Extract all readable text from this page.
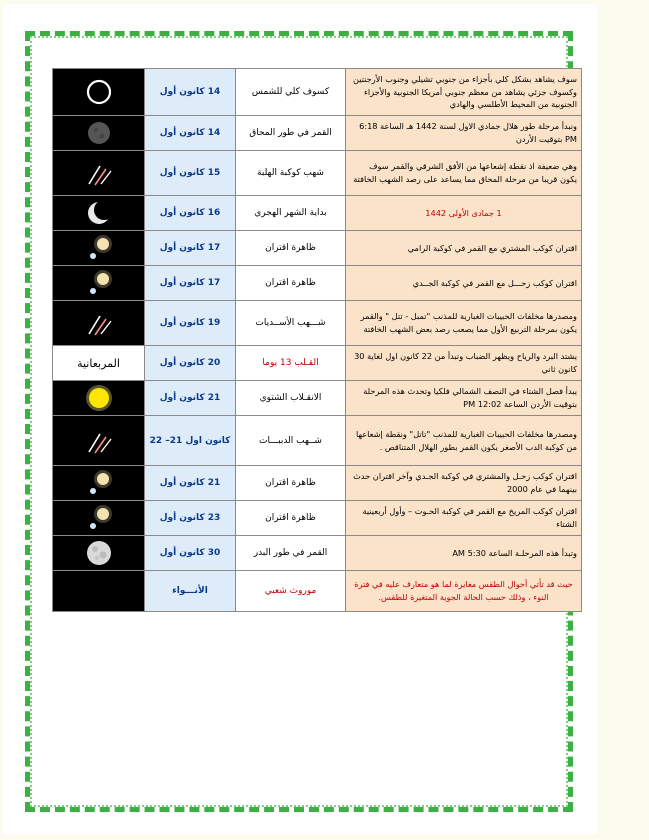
	14 كانون أول	كسوف كلي للشمس	سوف يشاهد بشكل كلي بأجزاء من جنوبي تشيلي وجنوب الأرجنتين وكسوف جزئي يشاهد من معظم جنوبي أمريكا الجنوبية والأجزاء الجنوبية من المحيط الأطلسي والهادي

	14 كانون أول	القمر في طور المحاق	ونبدأ مرحلة طور هلال جمادي الاول لسنة 1442 هـ الساعة 6:18 PM بتوقيت الأردن

	15 كانون أول	شهب كوكبة الهلبة	وهي ضعيفة اذ نقطة إشعاعها من الأفق الشرقي والقمر سوف يكون قريبا من مرحلة المحاق مما يساعد على رصد الشهب الخافتة

	16 كانون أول	بداية الشهر الهجري	1 جمادى الأولى 1442

	17 كانون أول	ظاهرة اقتران	اقتران كوكب المشتري مع القمر في كوكبة الرامي

	17 كانون أول	ظاهرة اقتران	اقتران كوكب زحـــل مع القمر في كوكبة الجــدي

	19 كانون أول	شـــهب الأســديات	ومصدرها مخلفات الحبيبات الغبارية للمذنب "تمبل - تتل " والقمر يكون بمرحلة التربيع الأول مما يصعب رصد بعض الشهب الخافتة
المربعانية	20 كانون أول	القـلب 13 يوما	يشتد البرد والرياح ويظهر الضباب وتبدأ من 22 كانون اول لغاية 30 كانون ثاني

	21 كانون أول	الانقـلاب الشتوي	يبدأ فصل الشتاء في النصف الشمالي فلكيا وتحدث هذه المرحلة بتوقيت الأردن الساعة 12:02 PM

	كانون اول 21– 22	شــهب الدببـــات	ومصدرها مخلفات الحبيبات الغبارية للمذنب "تاتل" ونقطة إشعاعها من كوكبة الدب الأصغر يكون القمر بطور الهلال المتناقص .

	21 كانون أول	ظاهرة اقتران	اقتران كوكب زحـل والمشتري في كوكبة الجـدي وآخر اقتران حدث بينهما في عام 2000

	23 كانون أول	ظاهرة اقتران	اقتران كوكب المريخ مع القمر في كوكبة الحـوت – وأول أربعينية الشتاء

	30 كانون أول	القمر في طور البدر	وتبدأ هذه المرحلـة الساعة 5:30 AM
	الأنـــواء	موروث شعبي	حيث قد تأتي أحوال الطقس مغايرة لما هو متعارف عليه في فترة النوء ، وذلك حسب الحالة الجوية المتغيرة للطقس.
